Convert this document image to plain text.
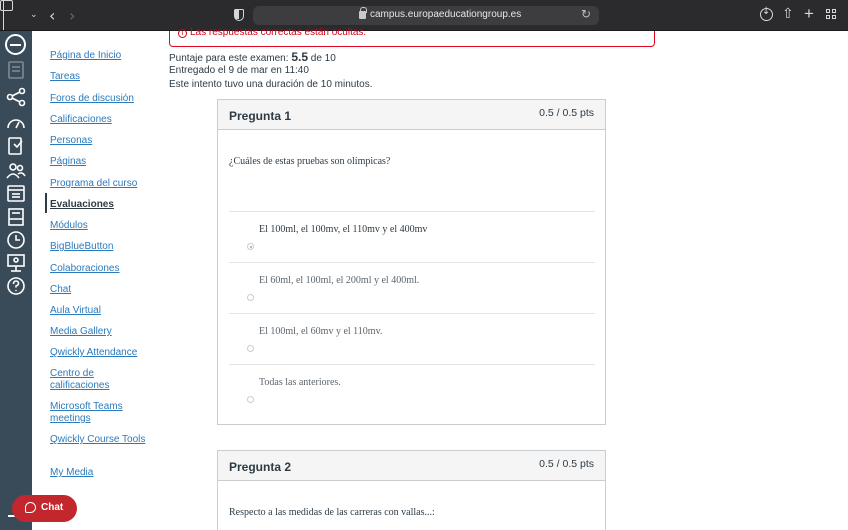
⌄ ‹ ›	campus.europaeducationgroup.es	↻
↓	⇧ +
Página de Inicio
Tareas
Foros de discusión
Calificaciones
Personas
Páginas
Programa del curso
Evaluaciones
Módulos
BigBlueButton
Colaboraciones
Chat
Aula Virtual
Media Gallery
Qwickly Attendance
Centro de calificaciones
Microsoft Teams meetings
Qwickly Course Tools
My Media
i Las respuestas correctas están ocultas.
Puntaje para este examen: 5.5 de 10
Entregado el 9 de mar en 11:40
Este intento tuvo una duración de 10 minutos.
Pregunta 1	0.5 / 0.5 pts
¿Cuáles de estas pruebas son olímpicas?
El 100ml, el 100mv, el 110mv y el 400mv
El 60ml, el 100ml, el 200ml y el 400ml.
El 100ml, el 60mv y el 110mv.
Todas las anteriores.
Pregunta 2	0.5 / 0.5 pts
Respecto a las medidas de las carreras con vallas...:
Chat
